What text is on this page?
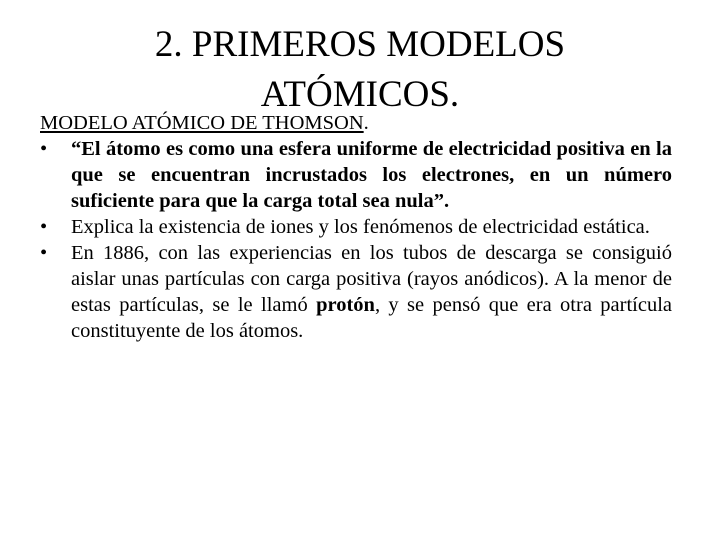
2. PRIMEROS MODELOS
ATÓMICOS.

MODELO ATÓMICO DE THOMSON.

•	“El átomo es como una esfera uniforme de electricidad positiva en la que se encuentran incrustados los electrones, en un número suficiente para que la carga total sea nula”.
•	Explica la existencia de iones y los fenómenos de electricidad estática.
•	En 1886, con las experiencias en los tubos de descarga se consiguió aislar unas partículas con carga positiva (rayos anódicos). A la menor de estas partículas, se le llamó protón, y se pensó que era otra partícula constituyente de los átomos.
